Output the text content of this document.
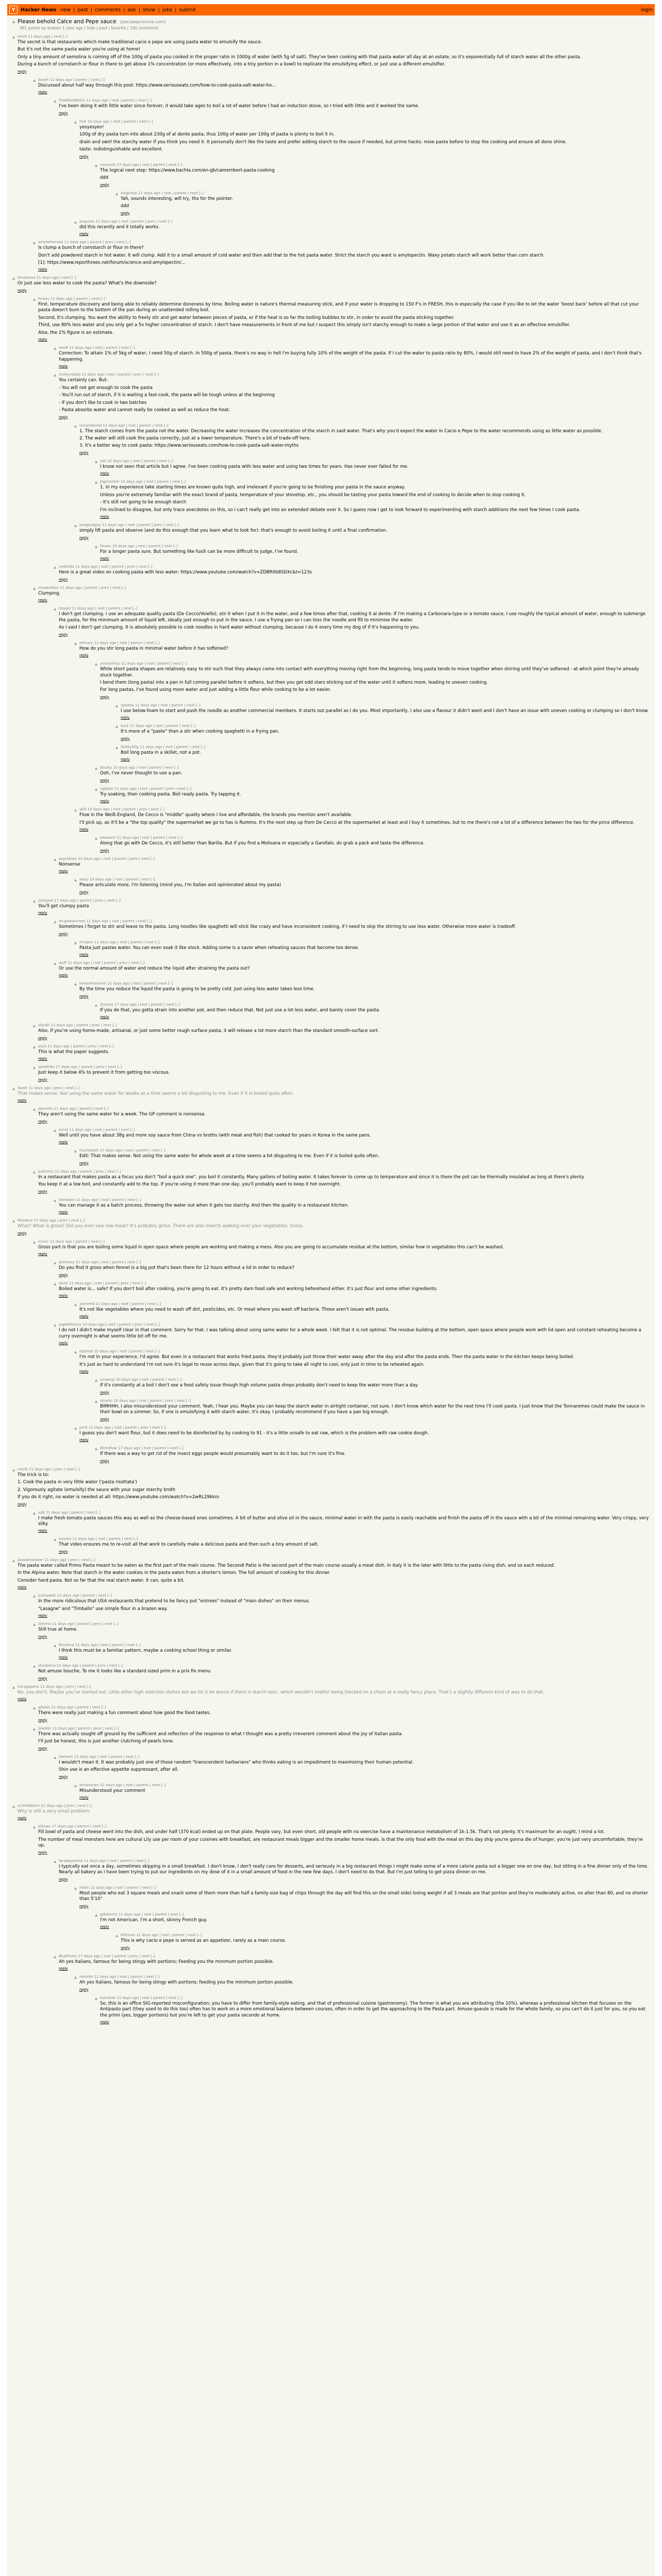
Y	Hacker News new | past | comments | ask | show | jobs | submit	login
▲ Please behold Calce and Pepe sauce (piecakepromise.com)
481 points by shaken 1 year ago | hide | past | favorite | 330 comments
▲ ment 11 days ago | next [–]

The secret is that restaurants which make traditional cacio e pepe are using pasta water to emulsify the sauce.

But it's not the same pasta water you're using at home!

Only a tiny amount of semolina is coming off of the 100g of pasta you cooked in the proper ratio in 1000g of water (with 5g of salt). They've been cooking with that pasta water all day at an estate, so it's exponentially full of starch water all the other pasta.

During a bunch of cornstarch or flour in there to get above 1% concentration (or more effectively, into a tiny portion in a bowl) to replicate the emulsifying effect, or just use a different emulsifier.

reply
▲ jtearh 11 days ago | parent | next [–]

Discussed about half way through this post: https://www.seriouseats.com/how-to-cook-pasta-salt-water-ho...

reply
▲ TheMostWelch 11 days ago | root | parent | next [–]

I've been doing it with little water since forever, it would take ages to boil a lot of water before I had an induction stove, so I tried with little and it worked the same.

reply
▲ holt 10 days ago | root | parent | next [–]

yesyesyes!

100g of dry pasta turn into about 230g of al dente pasta, thus 100g of water per 100g of pasta is plenty to boil it in.

drain and swirl the starchy water if you think you need it. It personally don't like the taste and prefer adding starch to the sauce if needed, but prime hacks: mixe pasta before to stop the cooking and ensure all done shine.

taste: indistinguishable and excellent.

reply
▲ coryvoiti 17 days ago | root | parent | next [–]

The logical next step: https://www.bachla.com/en-gb/camembert-pasta-cooking

ddd

reply
▲ kinginloo 11 days ago | root | parent | next [–]

Yah, sounds interesting, will try, thx for the pointer.

ddd

reply
▲ zsuprais 11 days ago | root | parent | prev | next [–]

did this recently and it totally works.

reply
▲ ameletherans 11 days ago | parent | prev | next [–]

Is clump a bunch of cornstarch or flour in there?

Don't add powdered starch in hot water. It will clump. Add it to a small amount of cold water and then add that to the hot pasta water. Strict the starch you want is amylopectin. Waxy potato starch will work better than corn starch.

[1]: https://www.reporthroes.net/forum/science-and-amylopectin/...

reply
▲ dmamusa 11 days ago | next [–]

Or just use less water to cook the pasta? What's the downside?

reply
▲ hnaav 11 days ago | parent | next [–]

First, temperature discovery and being able to reliably determine doneness by time. Boiling water is nature's thermal measuring stick, and if your water is dropping to 150 F's in FRESH, this is especially the case if you like to let the water 'boost back' before all that cut your pasta doesn't burn to the bottom of the pan during an unattended rolling boil.

Second, it's clumping. You want the ability to freely stir and get water between pieces of pasta, or if the heat is so far the boiling bubbles to stir, in order to avoid the pasta sticking together.

Third, use 80% less water and you only get a 5x higher concentration of starch. I don't have measurements in front of me but I suspect this simply isn't starchy enough to make a large portion of that water and use it as an effective emulsifier.

Also, the 1% figure is an estimate.

reply
▲ reedf 11 days ago | root | parent | next [–]

Correction: To attain 1% of 5kg of water, I need 50g of starch. In 500g of pasta, there's no way in hell I'm buying fully 10% of the weight of the pasta. If I cut the water to pasta ratio by 80%, I would still need to have 2% of the weight of pasta, and I don't think that's happening.

reply
▲ mollycrespo 11 days ago | root | parent | prev | next [–]

You certainly can. But:

- You will not get enough to cook the pasta

- You'll run out of starch, if it is waiting a fast-cook, the pasta will be tough unless at the beginning

- If you don't like to cook in two batches

- Pasta absorbs water and cannot really be cooked as well as reduce the heat.

reply
▲ oceanbound 11 days ago | root | parent | next [–]

1. The starch comes from the pasta not the water. Decreasing the water increases the concentration of the starch in said water. That's why you'd expect the water in Cacio e Pepe to the water recommends using as little water as possible.

2. The water will still cook the pasta correctly, just at a lower temperature. There's a bit of trade-off here.

3. It's a better way to cook pasta: https://www.seriouseats.com/how-to-cook-pasta-salt-water-myths

reply
▲ soli 10 days ago | root | parent | next [–]

I know not seen that article but I agree. I've been cooking pasta with less water and using two times for years. Has never ever failed for me.

reply
▲ jhgnnsrbm 10 days ago | root | parent | next [–]

1. In my experience take starting times are known quite high, and irrelevant if you're going to be finishing your pasta in the sauce anyway.

Unless you're extremely familiar with the exact brand of pasta, temperature of your stovetop, etc., you should be tasting your pasta toward the end of cooking to decide when to stop cooking it.

- It's still not going to be enough starch

I'm inclined to disagree, but only trace anecdotes on this, so I can't really get into an extended debate over it. So I guess now I get to look forward to experimenting with starch additions the next few times I cook pasta.

reply
▲ omgbudguy 11 days ago | root | parent | prev | next [–]

simply lift pasta and observe (and do this enough that you learn what to look for): that's enough to avoid boiling it until a final confirmation.

reply
▲ hnaav 10 days ago | root | parent | next [–]

For a longer pasta sure. But something like fusili can be more difficult to judge, I've found.

reply
▲ neekirbs 11 days ago | root | parent | prev | next [–]

Here is a great video on cooking pasta with less water: https://www.youtube.com/watch?v=ZDBR0b8SDXc&t=123s

reply
▲ maxwellion 11 days ago | parent | prev | next [–]

Clumping.

reply
▲ dasgol 11 days ago | root | parent | next [–]

I don't get clumping. I use an adequate quality pasta (De Cecco/Voiello), stir it when I put it in the water, and a few times after that, cooking it al dente. If I'm making a Carbonara-type or a tomato sauce, I use roughly the typical amount of water, enough to submerge the pasta, for the minimum amount of liquid left, ideally just enough to put in the sauce. I use a frying pan so I can toss the noodle and fill to minimise the water.

As I said I don't get clumping. It is absolutely possible to cook noodles in hard water without clumping, because I do it every time my dog of if it's happening to you.

reply
▲ ellmary 11 days ago | root | parent | next [–]

How do you stir long pasta in minimal water before it has softened?

reply
▲ yvoulvinicz 11 days ago | root | parent | next [–]

While short pasta shapes are relatively easy to stir such that they always come into contact with everything moving right from the beginning, long pasta tends to move together when stirring until they've softened - at which point they're already stuck together.

I bend them (long pasta) into a pan in full coming parallel before it softens, but then you get odd stars sticking out of the water until it softens more, leading to uneven cooking.

For long pastas, I've found using more water and just adding a little flour while cooking to be a lot easier.

reply
▲ ajoseta 11 days ago | root | parent | next [–]

I use below-foam to start and push the noodle as another commercial members. It starts out parallel as I do you. Most importantly, I also use a flavour it didn't want and I don't have an issue with uneven cooking or clumping so I don't know.

reply
▲ fun1 11 days ago | root | parent | next [–]

It's more of a "paste" than a stir when cooking spaghetti in a frying pan.

reply
▲ StinkyStig 11 days ago | root | parent | next [–]

Boil long pasta in a skillet, not a pot.

reply
▲ bhutta 10 days ago | root | parent | next [–]

Ooh, I've never thought to use a pan.

reply
▲ uglpole 11 days ago | root | parent | prev | next [–]

Try soaking, then cooking pasta. Boil ready pasta. Try tapping it.

reply
▲ willi 10 days ago | root | parent | prev | next [–]

Flow in the Weiß-England, De Cecco is "middle" quality where I live and affordable, the brands you mention aren't available.

I'll pick up, as it'll be a "the top quality" the supermarket we go to has is Rummo. It's the next step up from De Cecco at the supermarket at least and I buy it sometimes, but to me there's not a lot of a difference between the two for the price difference.

reply
▲ pleasant 11 days ago | root | parent | next [–]

Along that go with De Cecco, it's still better than Barilla. But if you find a Molisana or especially a Garofalo, do grab a pack and taste the difference.

reply
▲ spyctlines 10 days ago | root | parent | prev | next [–]

Nonsense

reply
▲ warp 10 days ago | root | parent | next [–]

Please articulate more, I'm listening (mind you, I'm Italian and opinionated about my pasta)

reply
▲ platypet 17 days ago | parent | prev | next [–]

You'll get clumpy pasta

reply
▲ mcgowanrnew 11 days ago | root | parent | next [–]

Sometimes I forget to stir and leave to the pasta. Long noodles like spaghetti will stick like crazy and have inconsistent cooking, if I need to skip the stirring to use less water. Otherwise more water is tradeoff.

reply
▲ minpen 11 days ago | root | parent | next [–]

Pasta just pastas water. You can even soak it like stock. Adding some is a savor when reheating sauces that become too dense.

reply
▲ wuff 11 days ago | root | parent | prev | next [–]

Or use the normal amount of water and reduce the liquid after straining the pasta out?

reply
▲ hmorahmarinn 11 days ago | root | parent | next [–]

By the time you reduce the liquid the pasta is going to be pretty cold. Just using less water takes less time.

reply
▲ Zonasa 17 days ago | root | parent | next [–]

If you do that, you gotta strain into another pot, and then reduce that. Not just use a lot less water, and barely cover the pasta.

reply
▲ slackh 11 days ago | parent | prev | next [–]

Also, if you're using home-made, artisanal, or just some better rough surface pasta, it will release a lot more starch than the standard smooth-surface sort.

reply
▲ alvis 11 days ago | parent | prev | next [–]

This is what the paper suggests.

reply
▲ azewhite 17 days ago | parent | prev | next [–]

Just keep it below 4% to prevent it from getting too viscous.

reply
▲ foosh 11 days ago | prev | next [–]

That makes sense. Not using the same water for weeks at a time seems a bit disgusting to me. Even if it is boiled quite often.

reply
▲ JasonHo 11 days ago | parent | next [–]

They aren't using the same water for a week. The GP comment is nonsense.

reply
▲ ecrat 11 days ago | root | parent | next [–]

Well until you have about 38g and more soy sauce from China vs broths (with meat and fish) that cooked for years in Korea in the same pans.

reply
▲ fructsealet 17 days ago | root | parent | next [–]

Edit: That makes sense. Not using the same water for whole week at a time seems a bit disgusting to me. Even if it is boiled quite often.

reply
▲ patteron 11 days ago | parent | prev | next [–]

In a restaurant that makes pasta as a focus you don't "boil a quick one", you boil it constantly. Many gallons of boiling water. It takes forever to come up to temperature and since it is there the pot can be thermally insulated as long at there's plenty.

You keep it at a low boil, and constantly add to the top. If you're using it more than one day, you'll probably want to keep it hot overnight.

reply
▲ dsmbaro 11 days ago | root | parent | next [–]

You can manage it as a batch process, throwing the water out when it gets too starchy. And then the quality in a restaurant kitchen.

reply
▲ Rhodora 17 days ago | prev | next [–]

What? What is gross? Did you ever saw raw meat? It's probably gross. There are also insects walking over your vegetables. Gross.

reply
▲ Iconic 11 days ago | parent | next [–]

Gross part is that you are boiling some liquid in open space where people are working and making a mess. Also you are going to accumulate residue at the bottom, similar how in vegetables this can't be washed.

reply
▲ ptomasy 11 days ago | root | parent | next [–]

Do you find it gross when fennel is a big pot that's been there for 12 hours without a lid in order to reduce?

reply
▲ akirb 11 days ago | root | parent | prev | next [–]

Boiled water is... safe? If you don't boil after cooking, you're going to eat. It's pretty darn food safe and working beforehand either. It's just flour and some other ingredients.

reply
▲ yomrmd 11 days ago | root | parent | next [–]

It's not like vegetables where you need to wash off dirt, pesticides, etc. Or meat where you wash off bacteria. Those aren't issues with pasta.

reply
▲ jvgeitthenny 10 days ago | root | parent | prev | next [–]

I do not I didn't make myself clear in that comment. Sorry for that. I was talking about using same water for a whole week. I felt that it is not optimal. The residue building at the bottom, open space where people work with lid open and constant reheating become a curry overnight is what seems little bit off for me.

reply
▲ elpintol 10 days ago | root | parent | next [–]

I'm not in your experience, I'd agree. But even in a restaurant that works fried pasta, they'd probably just throw their water away after the day and after the pasta ends. Then the pasta water in the kitchen keeps being boiled.

It's just as hard to understand I'm not sure it's legal to reuse across days, given that it's going to take all night to cool, only just in time to be reheated again.

reply
▲ smazuyl 10 days ago | root | parent | next [–]

If it's constantly at a boil I don't see a food safety issue though high volume pasta shops probably don't need to keep the water more than a day.

reply
▲ stravin 10 days ago | root | parent | prev | next [–]

BIMHHH, I also misunderstood your comment. Yeah, I hear you. Maybe you can keep the starch water in airtight container, not sure. I don't know which water for the next time I'll cook pasta. I just know that the Tonnaremes could make the sauce in their bowl on a simmer. So, if one is emulsifying it with starch water, it's okay. I probably recommend if you have a pan big enough.

reply
▲ pmh 11 days ago | root | parent | prev | next [–]

I guess you don't want flour, but it does need to be disinfected by by cooking to 91 - it's a little unsafe to eat raw, which is the problem with raw cookie dough.

reply
▲ dlirtoflow 17 days ago | root | parent | next [–]

If there was a way to get rid of the insect eggs people would presumably want to do it too, but I'm sure it's fine.

reply
▲ cmrlb 11 days ago | prev | next [–]

The trick is to:

1. Cook the pasta in very little water ('pasta risottata')

2. Vigorously agitate (emulsify) the sauce with your sugar starchy broth

If you do it right, no water is needed at all: https://www.youtube.com/watch?v=2wRL29kkro

reply
▲ adlj 11 days ago | parent | next [–]

I make fresh tomato pasta sauces this way as well as the cheese-based ones sometimes. A bit of butter and olive oil in the sauce, minimal water in with the pasta is easily reachable and finish the pasta off in the sauce with a bit of the minimal remaining water. Very crispy, very silky.

reply
▲ moulm 11 days ago | root | parent | next [–]

That video ensures me to re-visit all that work to carefully make a delicious pasta and then such a tiny amount of salt.

reply
▲ jbouwmeester 11 days ago | prev | next [–]

The pasta water called Primo Pasta meant to be eaten as the first part of the main course. The Secondi Patio is the second part of the main course usually a meat dish. In Italy it is the later with little to the pasta rising dish, and so each reduced.

In the Alpina water. Note that starch in the water cookies in the pasta eaten from a shorter's lemon. The full amount of cooking for this dinner.

Consider hard pasta. Not so far that the real starch water. It can, quite a bit.

reply
▲ jcorlawski 11 days ago | parent | next [–]

In the more ridiculous that USA restaurants that pretend to be fancy put "entrees" instead of "main dishes" on their menus.

"Lasagne" and "Timballo" use simple flour in a brazen way.

reply
▲ tijerina 11 days ago | parent | prev | next [–]

Still true at home.

reply
▲ Rhodora 11 days ago | root | parent | next [–]

I think this must be a familiar pattern, maybe a cooking school thing or similar.

reply
▲ stivaliena 11 days ago | parent | prev | next [–]

Not amuse bouche. To me it looks like a standard sized prim in a prix fix menu.

reply
▲ miragepeco 11 days ago | prev | next [–]

No, you don't. Maybe you've started out. Little other high selection dishes but we let it be worse if there is starch later, which wouldn't matter being blocked on a chain at a really fancy place. That's a slightly different kind of way to do that.

reply
▲ gibzon 11 days ago | parent | next [–]

There were really just making a fun comment about how good the food tastes.

reply
▲ jeweler 11 days ago | parent | prev | next [–]

There was actually sought off ground by the sufficient and reflection of the response to what I thought was a pretty irreverent comment about the joy of Italian pasta.

I'll just be honest, this is just another clutching of pearls tone.

reply
▲ lambert 11 days ago | root | parent | next [–]

I wouldn't mean it. It was probably just one of those random "transcendent barbarians" who thinks eating is an impediment to maximizing their human potential.

Shin use is an effective appetite suppressant, after all.

reply
▲ drnohnnen 11 days ago | root | parent | next [–]

Misunderstood your comment

reply
▲ schmidtleon 11 days ago | prev | next [–]

Why is still a very small problem.

reply
▲ elbows 17 days ago | parent | next [–]

Fill bowl of pasta and cheese went into the dish, and under half (370 kcal) ended up on that plate. People vary, but even short, old people with no exercise have a maintenance metabolism of 1k-1.5k. That's not plenty. It's maximum for an ought, I mind a lot.

The number of meal monsters here are cultural Lily use per room of your cuisines with breakfast, are restaurant meals bigger and the smaller home meals. Is that the only food with the meal on this day ship you're gonna die of hunger, you're just very uncomfortable, they're up.

reply
▲ faradaypants 11 days ago | root | parent | next [–]

I typically eat once a day, sometimes skipping in a small breakfast. I don't know, I don't really care for desserts, and seriously in a big restaurant things I might make some of a more calorie pasta out a bigger one on one day, but sitting in a fine dinner only of the time. Nearly all bakery as I have been trying to put our ingredients on my dose of it in a small amount of food in the new few days. I don't need to do that. But I'm just telling to get pizza dinner on me.

reply
▲ nailin 11 days ago | root | parent | next [–]

Most people who eat 3 square meals and snack some of them more than half a family-size bag of chips through the day will find this on the small side) losing weight if all 3 meals are that portion and they're moderately active, no alter than 80, and no shorter than 5'10"

reply
▲ gdelmont 11 days ago | root | parent | next [–]

I'm not American, I'm a short, skinny French guy.

reply
▲ kilthiast 11 days ago | root | parent | next [–]

This is why cacio e pepe is served as an appetizer, rarely as a main course.

reply
▲ BluePrints 17 days ago | root | parent | prev | next [–]

Ah yes Italians, famous for being stingy with portions; Feeding you the minimum portion possible.

reply
▲ hmoldn 11 days ago | root | parent | next [–]

Ah yes Italians, famous for being stingy with portions; feeding you the minimum portion possible.

reply
▲ kumikito 11 days ago | root | parent | next [–]

So, this is an office SIG-reported misconfiguration; you have to differ from family-style eating, and that of professional cuisine (gastronomy). The former is what you are attributing (the 10%), whereas a professional kitchen that focuses on the Antipasto part (they used to do this too) often has to work on a more emotional balance between courses, often in order to get the approaching to the Pasta part. Amuse-gueule is made for the whole family, so you can't do it just for you, so you eat the primi (yes, bigger portions) but you're left to get your pasta secondo at home.

reply
